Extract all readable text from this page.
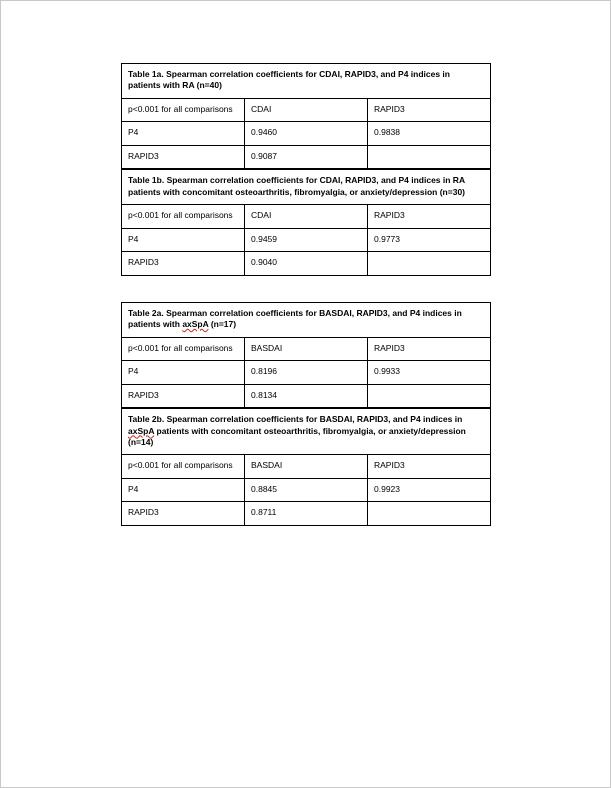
Table 1a. Spearman correlation coefficients for CDAI, RAPID3, and P4 indices in patients with RA (n=40)		
p<0.001 for all comparisons	CDAI	RAPID3
P4	0.9460	0.9838
RAPID3	0.9087	
Table 1b. Spearman correlation coefficients for CDAI, RAPID3, and P4 indices in RA patients with concomitant osteoarthritis, fibromyalgia, or anxiety/depression (n=30)		
p<0.001 for all comparisons	CDAI	RAPID3
P4	0.9459	0.9773
RAPID3	0.9040	
Table 2a. Spearman correlation coefficients for BASDAI, RAPID3, and P4 indices in patients with axSpA (n=17)		
p<0.001 for all comparisons	BASDAI	RAPID3
P4	0.8196	0.9933
RAPID3	0.8134	
Table 2b. Spearman correlation coefficients for BASDAI, RAPID3, and P4 indices in axSpA patients with concomitant osteoarthritis, fibromyalgia, or anxiety/depression (n=14)		
p<0.001 for all comparisons	BASDAI	RAPID3
P4	0.8845	0.9923
RAPID3	0.8711	
